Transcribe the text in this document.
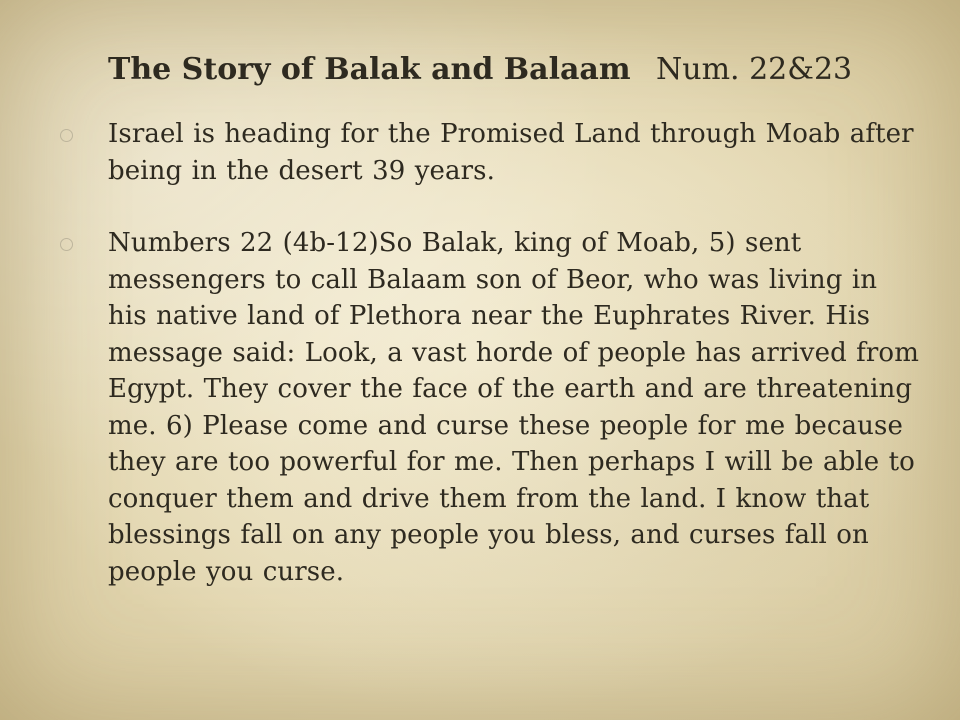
The Story of Balak and Balaam Num. 22&23
Israel is heading for the Promised Land through Moab after being in the desert 39 years.
Numbers 22 (4b-12)So Balak, king of Moab, 5) sent messengers to call Balaam son of Beor, who was living in his native land of Plethora near the Euphrates River. His message said: Look, a vast horde of people has arrived from Egypt. They cover the face of the earth and are threatening me. 6) Please come and curse these people for me because they are too powerful for me. Then perhaps I will be able to conquer them and drive them from the land. I know that blessings fall on any people you bless, and curses fall on people you curse.
